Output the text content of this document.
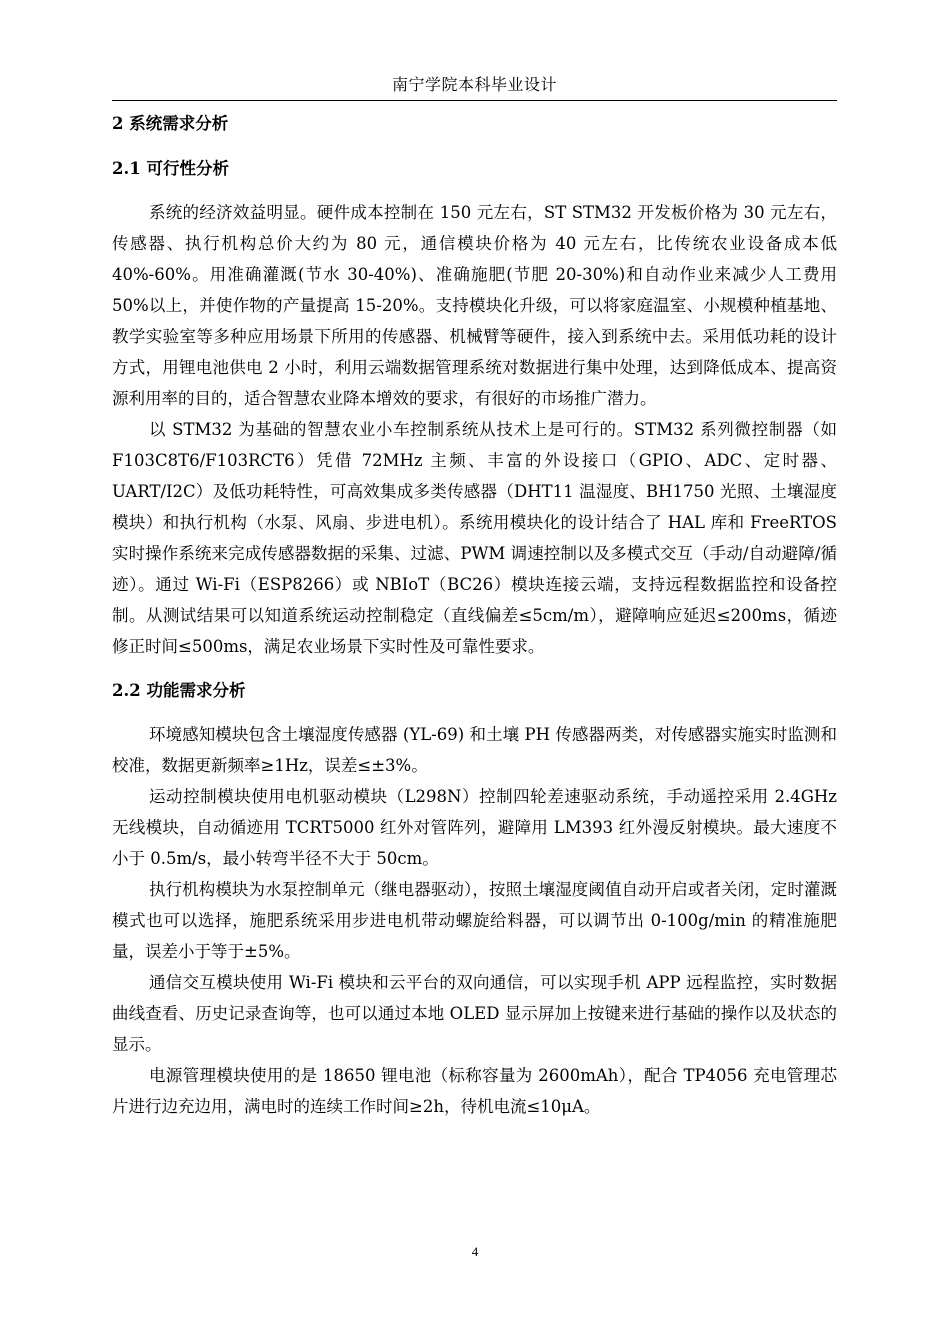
南宁学院本科毕业设计
2 系统需求分析
2.1 可行性分析

系统的经济效益明显。硬件成本控制在 150 元左右，ST STM32 开发板价格为 30 元左右，传感器、执行机构总价大约为 80 元，通信模块价格为 40 元左右，比传统农业设备成本低 40%-60%。用准确灌溉(节水 30-40%)、准确施肥(节肥 20-30%)和自动作业来减少人工费用 50%以上，并使作物的产量提高 15-20%。支持模块化升级，可以将家庭温室、小规模种植基地、教学实验室等多种应用场景下所用的传感器、机械臂等硬件，接入到系统中去。采用低功耗的设计方式，用锂电池供电 2 小时，利用云端数据管理系统对数据进行集中处理，达到降低成本、提高资源利用率的目的，适合智慧农业降本增效的要求，有很好的市场推广潜力。

以 STM32 为基础的智慧农业小车控制系统从技术上是可行的。STM32 系列微控制器（如 F103C8T6/F103RCT6）凭借 72MHz 主频、丰富的外设接口（GPIO、ADC、定时器、UART/I2C）及低功耗特性，可高效集成多类传感器（DHT11 温湿度、BH1750 光照、土壤湿度模块）和执行机构（水泵、风扇、步进电机）。系统用模块化的设计结合了 HAL 库和 FreeRTOS 实时操作系统来完成传感器数据的采集、过滤、PWM 调速控制以及多模式交互（手动/自动避障/循迹）。通过 Wi-Fi（ESP8266）或 NBIoT（BC26）模块连接云端，支持远程数据监控和设备控制。从测试结果可以知道系统运动控制稳定（直线偏差≤5cm/m），避障响应延迟≤200ms，循迹修正时间≤500ms，满足农业场景下实时性及可靠性要求。

2.2 功能需求分析

环境感知模块包含土壤湿度传感器 (YL-69) 和土壤 PH 传感器两类，对传感器实施实时监测和校准，数据更新频率≥1Hz，误差≤±3%。

运动控制模块使用电机驱动模块（L298N）控制四轮差速驱动系统，手动遥控采用 2.4GHz 无线模块，自动循迹用 TCRT5000 红外对管阵列，避障用 LM393 红外漫反射模块。最大速度不小于 0.5m/s，最小转弯半径不大于 50cm。

执行机构模块为水泵控制单元（继电器驱动），按照土壤湿度阈值自动开启或者关闭，定时灌溉模式也可以选择，施肥系统采用步进电机带动螺旋给料器，可以调节出 0-100g/min 的精准施肥量，误差小于等于±5%。

通信交互模块使用 Wi-Fi 模块和云平台的双向通信，可以实现手机 APP 远程监控，实时数据曲线查看、历史记录查询等，也可以通过本地 OLED 显示屏加上按键来进行基础的操作以及状态的显示。

电源管理模块使用的是 18650 锂电池（标称容量为 2600mAh），配合 TP4056 充电管理芯片进行边充边用，满电时的连续工作时间≥2h，待机电流≤10μA。

4
